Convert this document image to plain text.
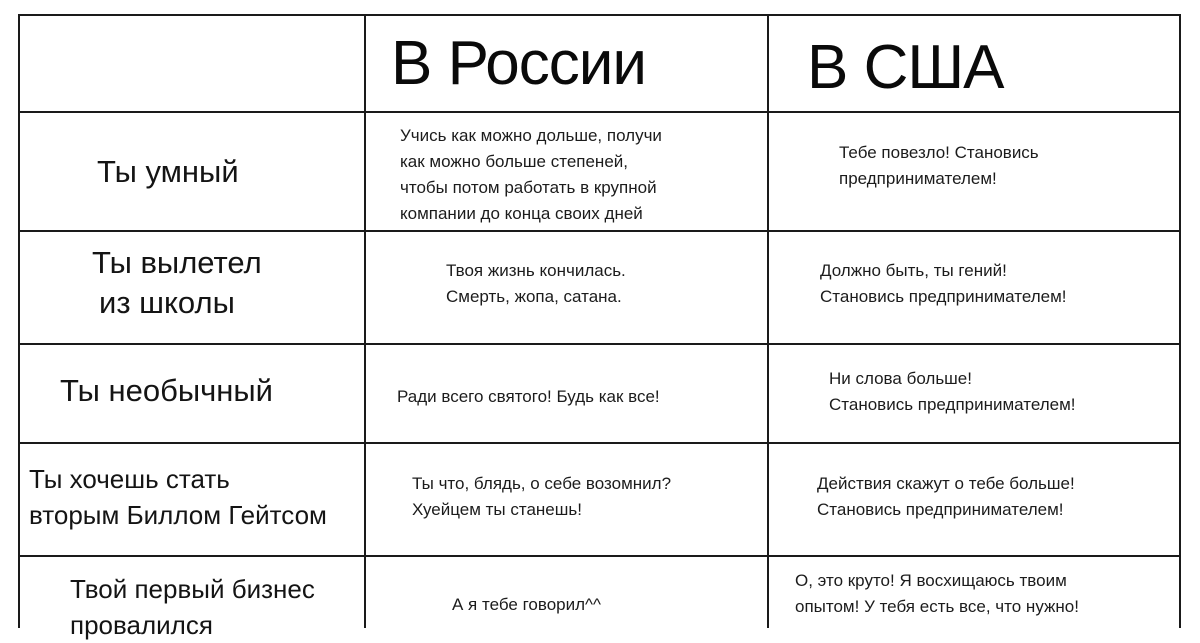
В России	В США
Ты умный
Учись как можно дольше, получи
как можно больше степеней,
чтобы потом работать в крупной
компании до конца своих дней
Тебе повезло! Становись
предпринимателем!
Ты вылетел
из школы
Твоя жизнь кончилась.
Смерть, жопа, сатана.
Должно быть, ты гений!
Становись предпринимателем!
Ты необычный	Ради всего святого! Будь как все!
Ни слова больше!
Становись предпринимателем!
Ты хочешь стать
вторым Биллом Гейтсом
Ты что, блядь, о себе возомнил?
Хуейцем ты станешь!
Действия скажут о тебе больше!
Становись предпринимателем!
Твой первый бизнес
провалился
А я тебе говорил^^
О, это круто! Я восхищаюсь твоим
опытом! У тебя есть все, что нужно!
